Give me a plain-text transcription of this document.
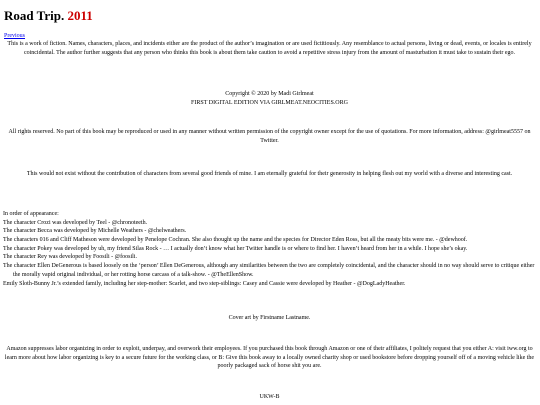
Road Trip. 2011
Previous

This is a work of fiction. Names, characters, places, and incidents either are the product of the author’s imagination or are used fictitiously. Any resemblance to actual persons, living or dead, events, or locales is entirely coincidental. The author further suggests that any person who thinks this book is about them take caution to avoid a repetitive stress injury from the amount of masturbation it must take to sustain their ego.

Copyright © 2020 by Madi Girlmeat
FIRST DIGITAL EDITION VIA GIRLMEAT.NEOCITIES.ORG

All rights reserved. No part of this book may be reproduced or used in any manner without written permission of the copyright owner except for the use of quotations. For more information, address: @girlmeat5557 on Twitter.

This would not exist without the contribution of characters from several good friends of mine. I am eternally grateful for their generosity in helping flesh out my world with a diverse and interesting cast.

In order of appearance:
The character Crozi was developed by Teel - @chronoteeth.
The character Becca was developed by Michelle Weathers - @chelweathers.
The characters 016 and Cliff Matheson were developed by Penelope Cochran. She also thought up the name and the species for Director Eden Ross, but all the meaty bits were me. - @dewhoof.
The character Pokey was developed by uh, my friend Silas Rock - … I actually don’t know what her Twitter handle is or where to find her. I haven’t heard from her in a while. I hope she’s okay.
The character Rey was developed by Foosili - @foosili.
The character Ellen DeGenerous is based loosely on the ‘person’ Ellen DeGenerous, although any similarities between the two are completely coincidental, and the character should in no way should serve to critique either the morally vapid original individual, or her rotting horse carcass of a talk-show. - @TheEllenShow.
Emily Sloth-Bunny Jr.’s extended family, including her step-mother: Scarlet, and two step-siblings: Casey and Cassie were developed by Heather - @DogLadyHeather.

Cover art by Firstname Lastname.

Amazon suppresses labor organizing in order to exploit, underpay, and overwork their employees. If you purchased this book through Amazon or one of their affiliates, I politely request that you either A: visit iww.org to learn more about how labor organizing is key to a secure future for the working class, or B: Give this book away to a locally owned charity shop or used bookstore before dropping yourself off of a moving vehicle like the poorly packaged sack of horse shit you are.

UKW-B
